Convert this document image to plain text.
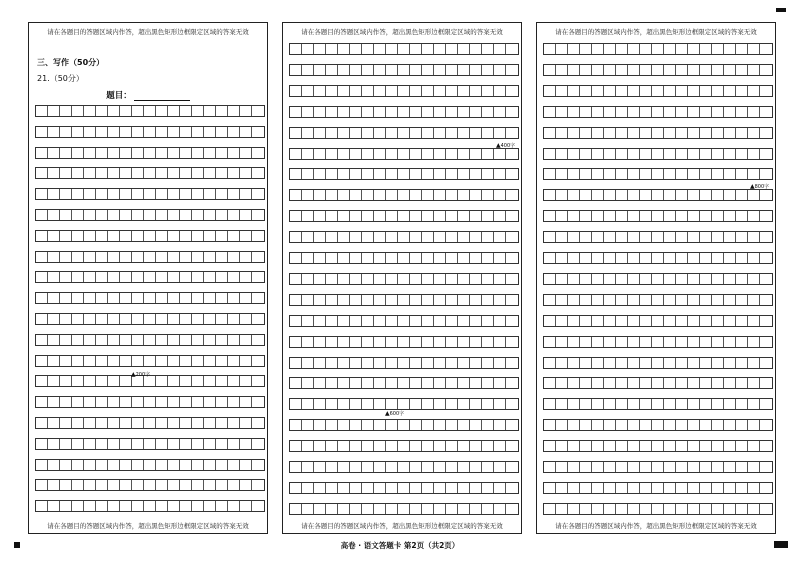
请在各题目的答题区域内作答，超出黑色矩形边框限定区域的答案无效
三、写作（50分）
21.（50分）
题目：
▲200字
请在各题目的答题区域内作答，超出黑色矩形边框限定区域的答案无效
请在各题目的答题区域内作答，超出黑色矩形边框限定区域的答案无效
▲400字
▲600字
请在各题目的答题区域内作答，超出黑色矩形边框限定区域的答案无效
请在各题目的答题区域内作答，超出黑色矩形边框限定区域的答案无效
▲800字
请在各题目的答题区域内作答，超出黑色矩形边框限定区域的答案无效
高卷 · 语文答题卡 第2页（共2页）
